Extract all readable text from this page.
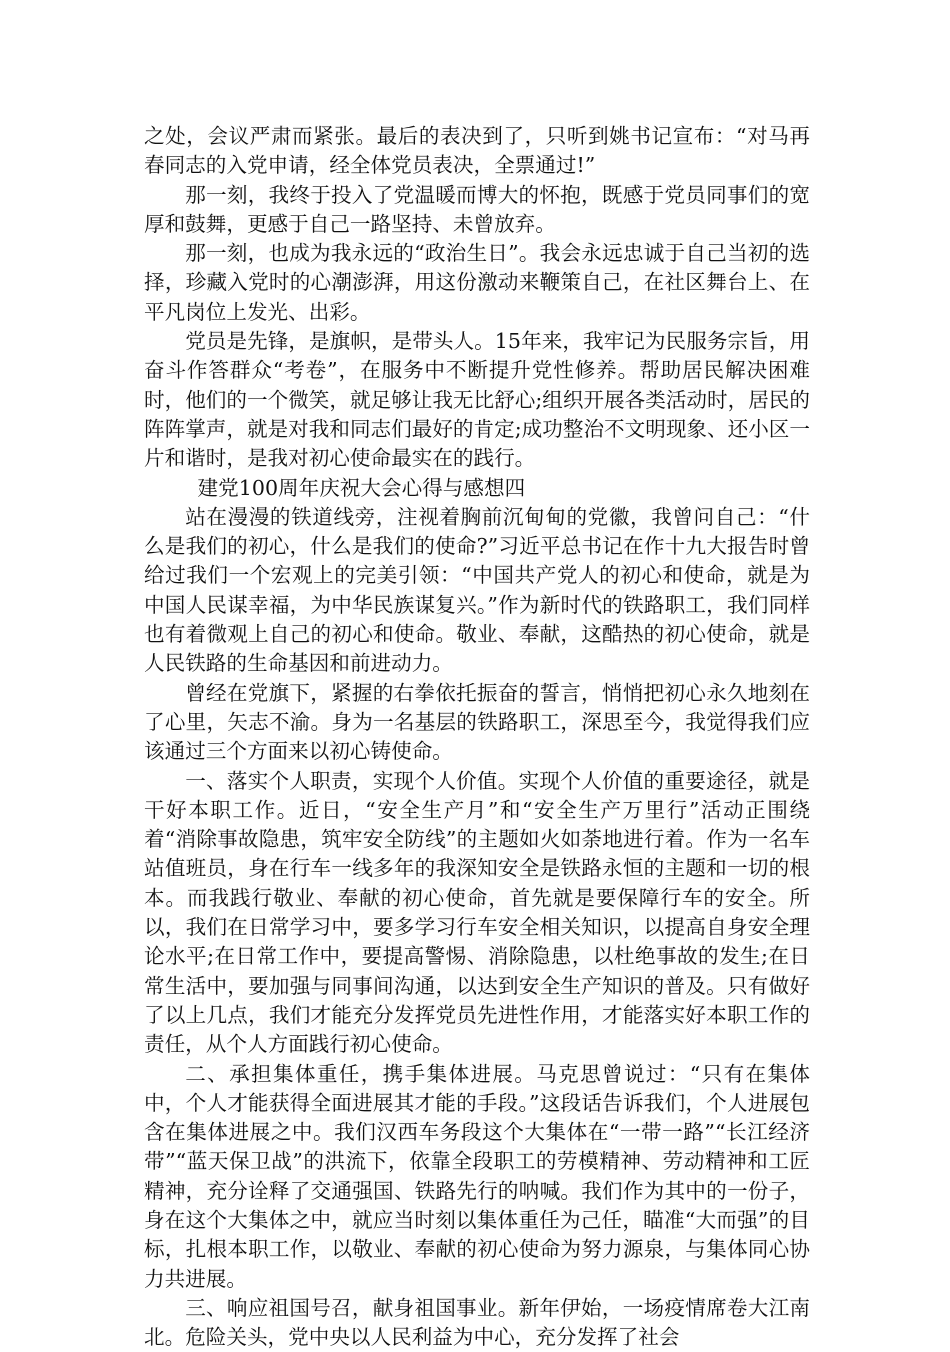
之处，会议严肃而紧张。最后的表决到了，只听到姚书记宣布：“对马再春同志的入党申请，经全体党员表决，全票通过!”

那一刻，我终于投入了党温暖而博大的怀抱，既感于党员同事们的宽厚和鼓舞，更感于自己一路坚持、未曾放弃。

那一刻，也成为我永远的“政治生日”。我会永远忠诚于自己当初的选择，珍藏入党时的心潮澎湃，用这份激动来鞭策自己，在社区舞台上、在平凡岗位上发光、出彩。

党员是先锋，是旗帜，是带头人。15年来，我牢记为民服务宗旨，用奋斗作答群众“考卷”，在服务中不断提升党性修养。帮助居民解决困难时，他们的一个微笑，就足够让我无比舒心;组织开展各类活动时，居民的阵阵掌声，就是对我和同志们最好的肯定;成功整治不文明现象、还小区一片和谐时，是我对初心使命最实在的践行。

建党100周年庆祝大会心得与感想四

站在漫漫的铁道线旁，注视着胸前沉甸甸的党徽，我曾问自己：“什么是我们的初心，什么是我们的使命?”习近平总书记在作十九大报告时曾给过我们一个宏观上的完美引领：“中国共产党人的初心和使命，就是为中国人民谋幸福，为中华民族谋复兴。”作为新时代的铁路职工，我们同样也有着微观上自己的初心和使命。敬业、奉献，这酷热的初心使命，就是人民铁路的生命基因和前进动力。

曾经在党旗下，紧握的右拳依托振奋的誓言，悄悄把初心永久地刻在了心里，矢志不渝。身为一名基层的铁路职工，深思至今，我觉得我们应该通过三个方面来以初心铸使命。

一、落实个人职责，实现个人价值。实现个人价值的重要途径，就是干好本职工作。近日，“安全生产月”和“安全生产万里行”活动正围绕着“消除事故隐患，筑牢安全防线”的主题如火如荼地进行着。作为一名车站值班员，身在行车一线多年的我深知安全是铁路永恒的主题和一切的根本。而我践行敬业、奉献的初心使命，首先就是要保障行车的安全。所以，我们在日常学习中，要多学习行车安全相关知识，以提高自身安全理论水平;在日常工作中，要提高警惕、消除隐患，以杜绝事故的发生;在日常生活中，要加强与同事间沟通，以达到安全生产知识的普及。只有做好了以上几点，我们才能充分发挥党员先进性作用，才能落实好本职工作的责任，从个人方面践行初心使命。

二、承担集体重任，携手集体进展。马克思曾说过：“只有在集体中，个人才能获得全面进展其才能的手段。”这段话告诉我们，个人进展包含在集体进展之中。我们汉西车务段这个大集体在“一带一路”“长江经济带”“蓝天保卫战”的洪流下，依靠全段职工的劳模精神、劳动精神和工匠精神，充分诠释了交通强国、铁路先行的呐喊。我们作为其中的一份子，身在这个大集体之中，就应当时刻以集体重任为己任，瞄准“大而强”的目标，扎根本职工作，以敬业、奉献的初心使命为努力源泉，与集体同心协力共进展。

三、响应祖国号召，献身祖国事业。新年伊始，一场疫情席卷大江南北。危险关头，党中央以人民利益为中心，充分发挥了社会
